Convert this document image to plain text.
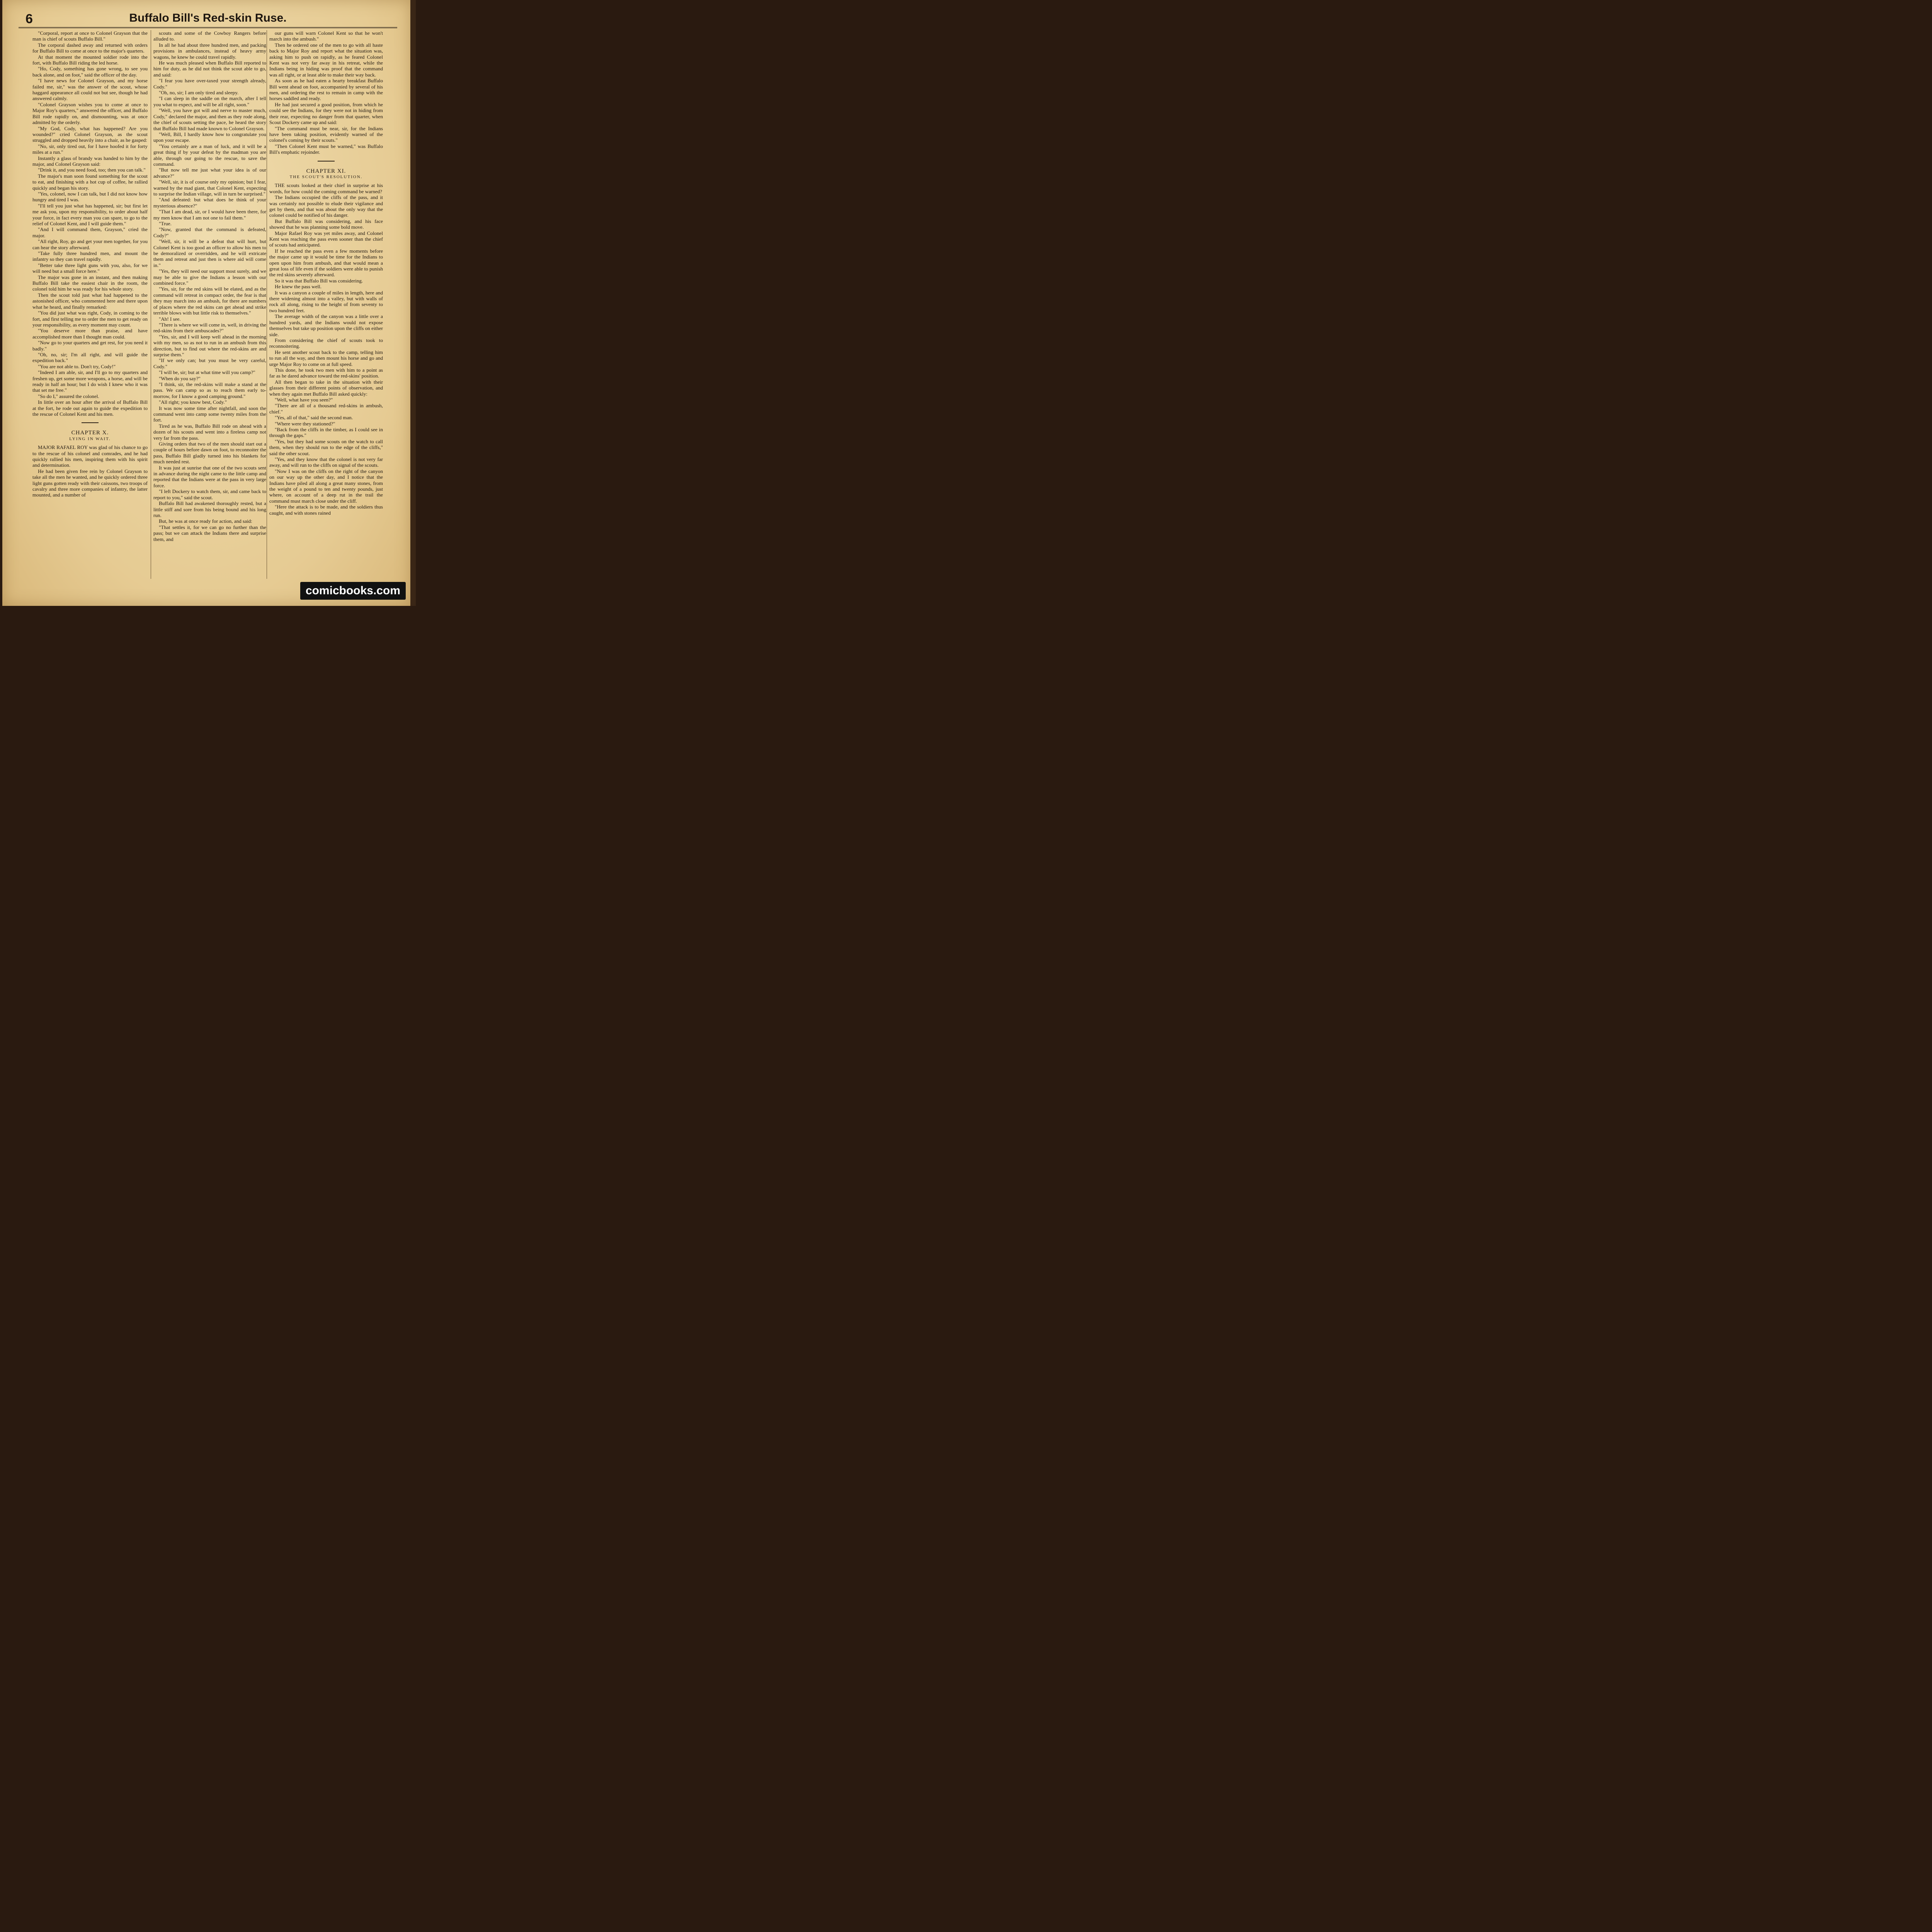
6	Buffalo Bill's Red-skin Ruse.

"Corporal, report at once to Colonel Grayson that the man is chief of scouts Buffalo Bill."

The corporal dashed away and returned with orders for Buffalo Bill to come at once to the major's quarters.

At that moment the mounted soldier rode into the fort, with Buffalo Bill riding the led horse.

"Ho, Cody, something has gone wrong, to see you back alone, and on foot," said the officer of the day.

"I have news for Colonel Grayson, and my horse failed me, sir," was the answer of the scout, whose haggard appearance all could not but see, though he had answered calmly.

"Colonel Grayson wishes you to come at once to Major Roy's quarters," answered the officer, and Buffalo Bill rode rapidly on, and dismounting, was at once admitted by the orderly.

"My God, Cody, what has happened? Are you wounded?" cried Colonel Grayson, as the scout struggled and dropped heavily into a chair, as he gasped:

"No, sir, only tired out, for I have hoofed it for forty miles at a run."

Instantly a glass of brandy was handed to him by the major, and Colonel Grayson said:

"Drink it, and you need food, too; then you can talk."

The major's man soon found something for the scout to eat, and finishing with a hot cup of coffee, he rallied quickly and began his story.

"Yes, colonel, now I can talk, but I did not know how hungry and tired I was.

"I'll tell you just what has happened, sir; but first let me ask you, upon my responsibility, to order about half your force, in fact every man you can spare, to go to the relief of Colonel Kent, and I will guide them."

"And I will command them, Grayson," cried the major.

"All right, Roy, go and get your men together, for you can hear the story afterward.

"Take fully three hundred men, and mount the infantry so they can travel rapidly.

"Better take three light guns with you, also, for we will need but a small force here."

The major was gone in an instant, and then making Buffalo Bill take the easiest chair in the room, the colonel told him he was ready for his whole story.

Then the scout told just what had happened to the astonished officer, who commented here and there upon what he heard, and finally remarked:

"You did just what was right, Cody, in coming to the fort, and first telling me to order the men to get ready on your responsibility, as every moment may count.

"You deserve more than praise, and have accomplished more than I thought man could.

"Now go to your quarters and get rest, for you need it badly."

"Oh, no, sir; I'm all right, and will guide the expedition back."

"You are not able to. Don't try, Cody!"

"Indeed I am able, sir, and I'll go to my quarters and freshen up, get some more weapons, a horse, and will be ready in half an hour; but I do wish I knew who it was that set me free."

"So do I," assured the colonel.

In little over an hour after the arrival of Buffalo Bill at the fort, he rode out again to guide the expedition to the rescue of Colonel Kent and his men.

CHAPTER X.

LYING IN WAIT.

MAJOR RAFAEL ROY was glad of his chance to go to the rescue of his colonel and comrades, and he had quickly rallied his men, inspiring them with his spirit and determination.

He had been given free rein by Colonel Grayson to take all the men he wanted, and he quickly ordered three light guns gotten ready with their caissons, two troops of cavalry and three more companies of infantry, the latter mounted, and a number of

scouts and some of the Cowboy Rangers before alluded to.

In all he had about three hundred men, and packing provisions in ambulances, instead of heavy army wagons, he knew he could travel rapidly.

He was much pleased when Buffalo Bill reported to him for duty, as he did not think the scout able to go, and said:

"I fear you have over-taxed your strength already, Cody."

"Oh, no, sir; I am only tired and sleepy.

"I can sleep in the saddle on the march, after I tell you what to expect, and will be all right, soon."

"Well, you have got will and nerve to master much, Cody," declared the major, and then as they rode along, the chief of scouts setting the pace, he heard the story that Buffalo Bill had made known to Colonel Grayson.

"Well, Bill, I hardly know how to congratulate you upon your escape.

"You certainly are a man of luck, and it will be a great thing if by your defeat by the madman you are able, through our going to the rescue, to save the command.

"But now tell me just what your idea is of our advance?"

"Well, sir, it is of course only my opinion; but I fear, warned by the mad giant, that Colonel Kent, expecting to surprise the Indian village, will in turn be surprised."

"And defeated: but what does he think of your mysterious absence?"

"That I am dead, sir, or I would have been there, for my men know that I am not one to fail them."

"True.

"Now, granted that the command is defeated, Cody?"

"Well, sir, it will be a defeat that will hurt, but Colonel Kent is too good an officer to allow his men to be demoralized or overridden, and he will extricate them and retreat and just then is where aid will come in."

"Yes, they will need our support most surely, and we may be able to give the Indians a lesson with our combined force."

"Yes, sir, for the red skins will be elated, and as the command will retreat in compact order, the fear is that they may march into an ambush, for there are numbers of places where the red skins can get ahead and strike terrible blows with but little risk to themselves."

"Ah! I see.

"There is where we will come in, well, in driving the red-skins from their ambuscades?"

"Yes, sir, and I will keep well ahead in the morning with my men, so as not to run in an ambush from this direction, but to find out where the red-skins are and surprise them."

"If we only can; but you must be very careful, Cody."

"I will be, sir; but at what time will you camp?"

"When do you say?"

"I think, sir, the red-skins will make a stand at the pass. We can camp so as to reach them early to-morrow, for I know a good camping ground."

"All right; you know best, Cody."

It was now some time after nightfall, and soon the command went into camp some twenty miles from the fort.

Tired as he was, Buffalo Bill rode on ahead with a dozen of his scouts and went into a fireless camp not very far from the pass.

Giving orders that two of the men should start out a couple of hours before dawn on foot, to reconnoiter the pass, Buffalo Bill gladly turned into his blankets for much needed rest.

It was just at sunrise that one of the two scouts sent in advance during the night came to the little camp and reported that the Indians were at the pass in very large force.

"I left Dockery to watch them, sir, and came back to report to you," said the scout.

Buffalo Bill had awakened thoroughly rested, but a little stiff and sore from his being bound and his long run.

But, he was at once ready for action, and said:

"That settles it, for we can go no further than the pass; but we can attack the Indians there and surprise them, and

our guns will warn Colonel Kent so that he won't march into the ambush."

Then he ordered one of the men to go with all haste back to Major Roy and report what the situation was, asking him to push on rapidly, as he feared Colonel Kent was not very far away in his retreat, while the Indians being in hiding was proof that the command was all right, or at least able to make their way back.

As soon as he had eaten a hearty breakfast Buffalo Bill went ahead on foot, accompanied by several of his men, and ordering the rest to remain in camp with the horses saddled and ready.

He had just secured a good position, from which he could see the Indians, for they were not in hiding from their rear, expecting no danger from that quarter, when Scout Dockery came up and said:

"The command must be near, sir, for the Indians have been taking position, evidently warned of the colonel's coming by their scouts."

"Then Colonel Kent must be warned," was Buffalo Bill's emphatic rejoinder.

CHAPTER XI.

THE SCOUT'S RESOLUTION.

THE scouts looked at their chief in surprise at his words, for how could the coming command be warned?

The Indians occupied the cliffs of the pass, and it was certainly not possible to elude their vigilance and get by them, and that was about the only way that the colonel could be notified of his danger.

But Buffalo Bill was considering, and his face showed that he was planning some bold move.

Major Rafael Roy was yet miles away, and Colonel Kent was reaching the pass even sooner than the chief of scouts had anticipated.

If he reached the pass even a few moments before the major came up it would be time for the Indians to open upon him from ambush, and that would mean a great loss of life even if the soldiers were able to punish the red skins severely afterward.

So it was that Buffalo Bill was considering.

He knew the pass well.

It was a canyon a couple of miles in length, here and there widening almost into a valley, but with walls of rock all along, rising to the height of from seventy to two hundred feet.

The average width of the canyon was a little over a hundred yards, and the Indians would not expose themselves but take up position upon the cliffs on either side.

From considering the chief of scouts took to reconnoitering.

He sent another scout back to the camp, telling him to run all the way, and then mount his horse and go and urge Major Roy to come on at full speed.

This done, he took two men with him to a point as far as he dared advance toward the red-skins' position.

All then began to take in the situation with their glasses from their different points of observation, and when they again met Buffalo Bill asked quickly:

"Well, what have you seen?"

"There are all of a thousand red-skins in ambush, chief."

"Yes, all of that," said the second man.

"Where were they stationed?"

"Back from the cliffs in the timber, as I could see in through the gaps."

"Yes, but they had some scouts on the watch to call them, when they should run to the edge of the cliffs," said the other scout.

"Yes, and they know that the colonel is not very far away, and will run to the cliffs on signal of the scouts.

"Now I was on the cliffs on the right of the canyon on our way up the other day, and I notice that the Indians have piled all along a great many stones, from the weight of a pound to ten and twenty pounds, just where, on account of a deep rut in the trail the command must march close under the cliff.

"Here the attack is to be made, and the soldiers thus caught, and with stones rained

comicbooks.com
